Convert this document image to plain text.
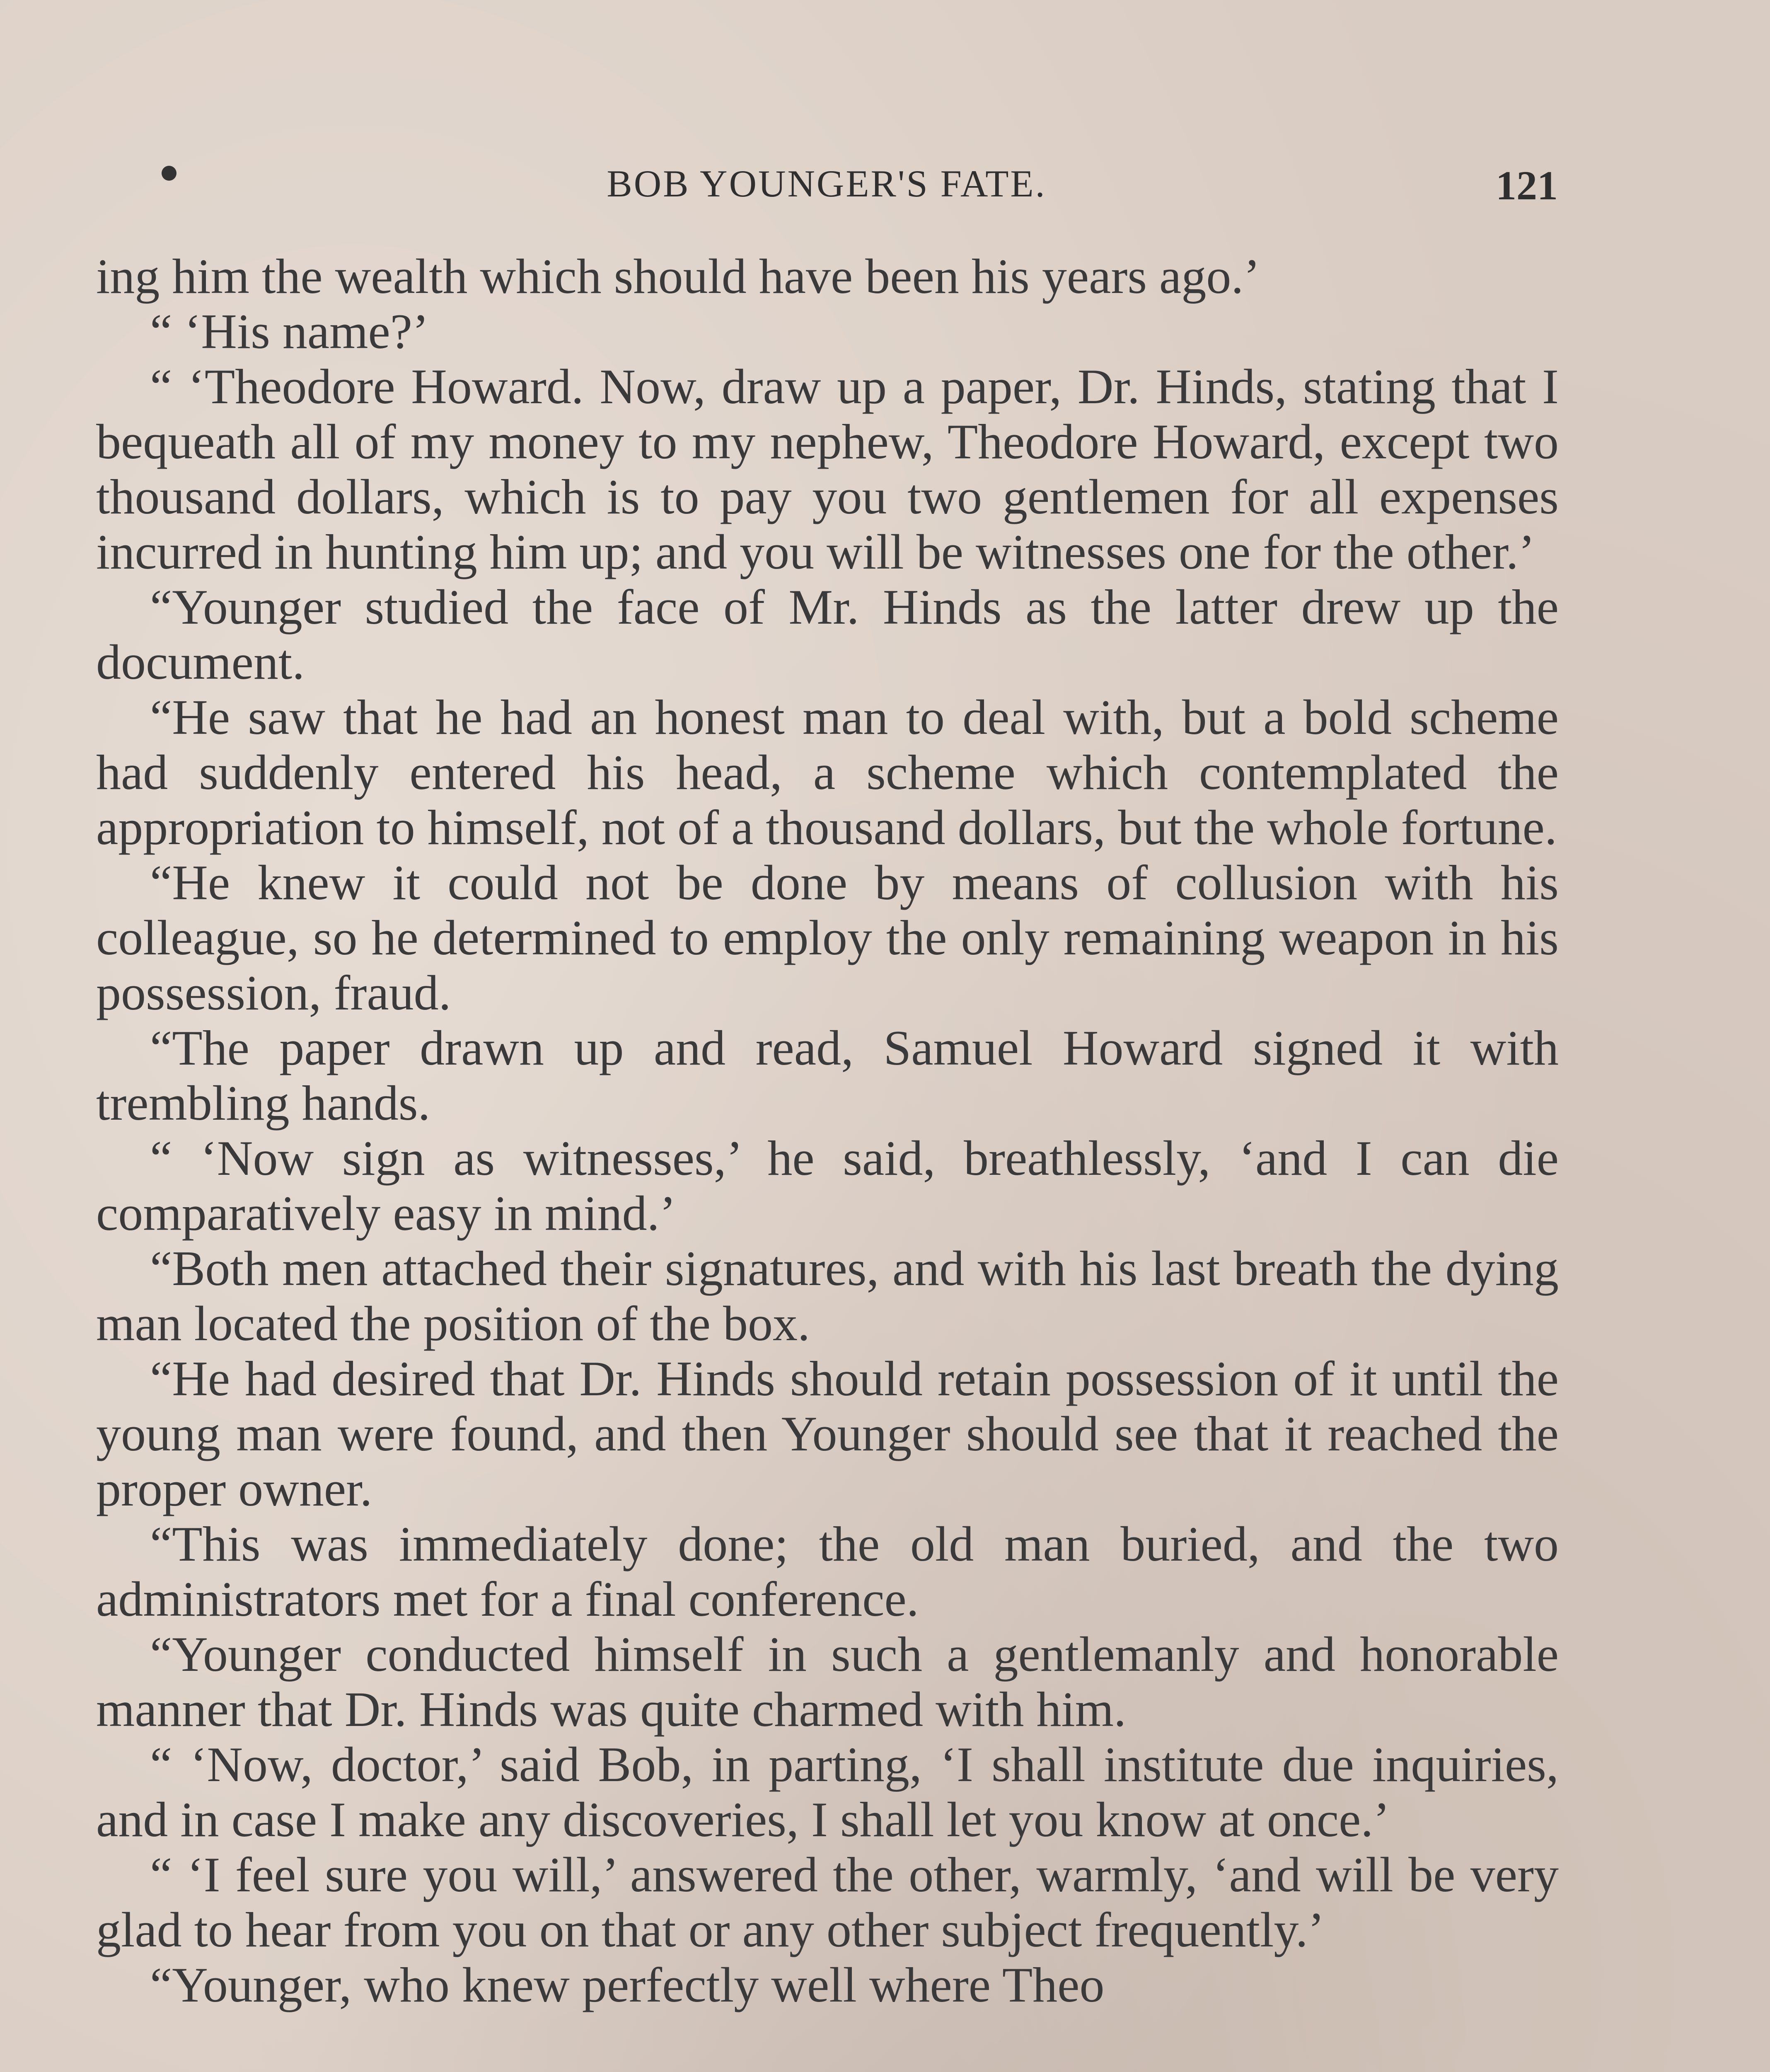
BOB YOUNGER'S FATE.	121

ing him the wealth which should have been his years ago.’

“ ‘His name?’

“ ‘Theodore Howard. Now, draw up a paper, Dr. Hinds, stating that I bequeath all of my money to my nephew, Theodore Howard, except two thousand dollars, which is to pay you two gentlemen for all expenses incurred in hunting him up; and you will be witnesses one for the other.’

“Younger studied the face of Mr. Hinds as the latter drew up the document.

“He saw that he had an honest man to deal with, but a bold scheme had suddenly entered his head, a scheme which contemplated the appropriation to himself, not of a thousand dollars, but the whole fortune.

“He knew it could not be done by means of collusion with his colleague, so he determined to employ the only remaining weapon in his possession, fraud.

“The paper drawn up and read, Samuel Howard signed it with trembling hands.

“ ‘Now sign as witnesses,’ he said, breathlessly, ‘and I can die comparatively easy in mind.’

“Both men attached their signatures, and with his last breath the dying man located the position of the box.

“He had desired that Dr. Hinds should retain possession of it until the young man were found, and then Younger should see that it reached the proper owner.

“This was immediately done; the old man buried, and the two administrators met for a final conference.

“Younger conducted himself in such a gentlemanly and honorable manner that Dr. Hinds was quite charmed with him.

“ ‘Now, doctor,’ said Bob, in parting, ‘I shall institute due inquiries, and in case I make any discoveries, I shall let you know at once.’

“ ‘I feel sure you will,’ answered the other, warmly, ‘and will be very glad to hear from you on that or any other subject frequently.’

“Younger, who knew perfectly well where Theo
